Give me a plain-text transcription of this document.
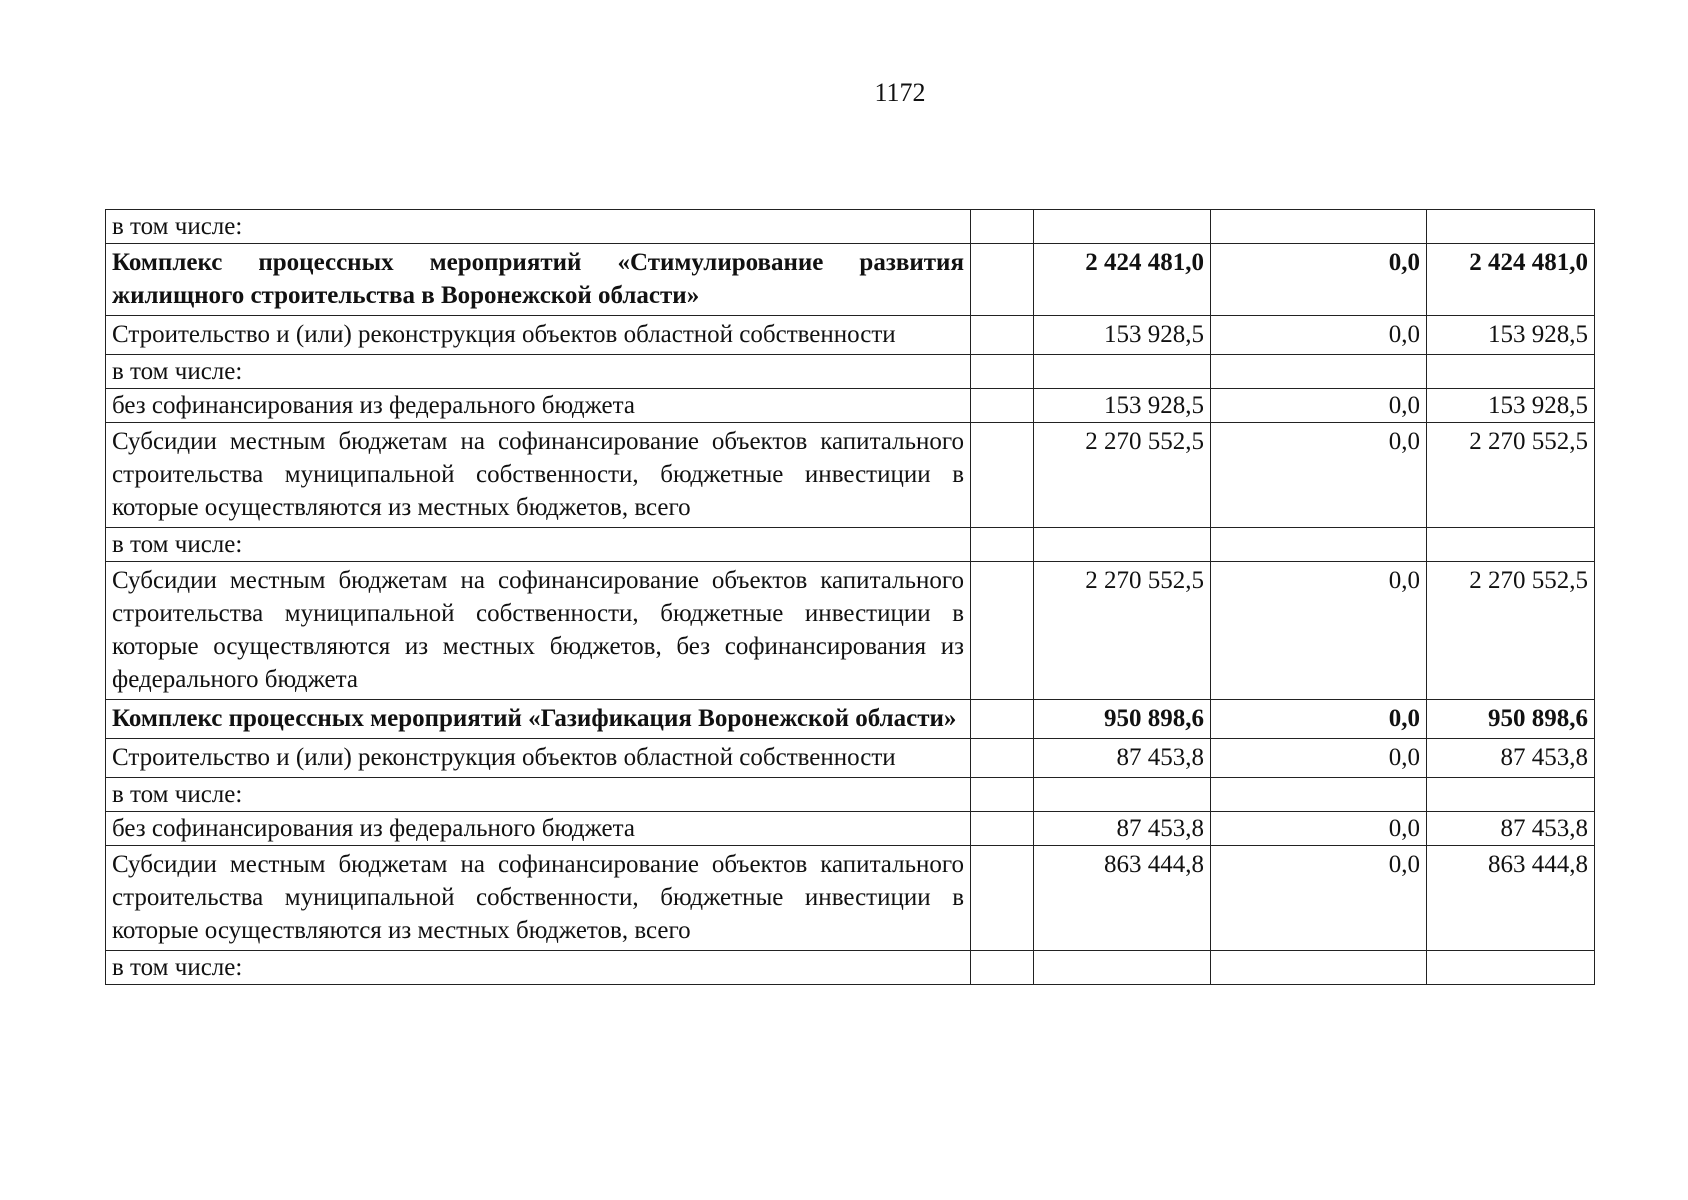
1172
в том числе:				
Комплекс процессных мероприятий «Стимулирование развития жилищного строительства в Воронежской области»		2 424 481,0	0,0	2 424 481,0
Строительство и (или) реконструкция объектов областной собственности		153 928,5	0,0	153 928,5
в том числе:				
без софинансирования из федерального бюджета		153 928,5	0,0	153 928,5
Субсидии местным бюджетам на софинансирование объектов капитального строительства муниципальной собственности, бюджетные инвестиции в которые осуществляются из местных бюджетов, всего		2 270 552,5	0,0	2 270 552,5
в том числе:				
Субсидии местным бюджетам на софинансирование объектов капитального строительства муниципальной собственности, бюджетные инвестиции в которые осуществляются из местных бюджетов, без софинансирования из федерального бюджета		2 270 552,5	0,0	2 270 552,5
Комплекс процессных мероприятий «Газификация Воронежской области»		950 898,6	0,0	950 898,6
Строительство и (или) реконструкция объектов областной собственности		87 453,8	0,0	87 453,8
в том числе:				
без софинансирования из федерального бюджета		87 453,8	0,0	87 453,8
Субсидии местным бюджетам на софинансирование объектов капитального строительства муниципальной собственности, бюджетные инвестиции в которые осуществляются из местных бюджетов, всего		863 444,8	0,0	863 444,8
в том числе:				
